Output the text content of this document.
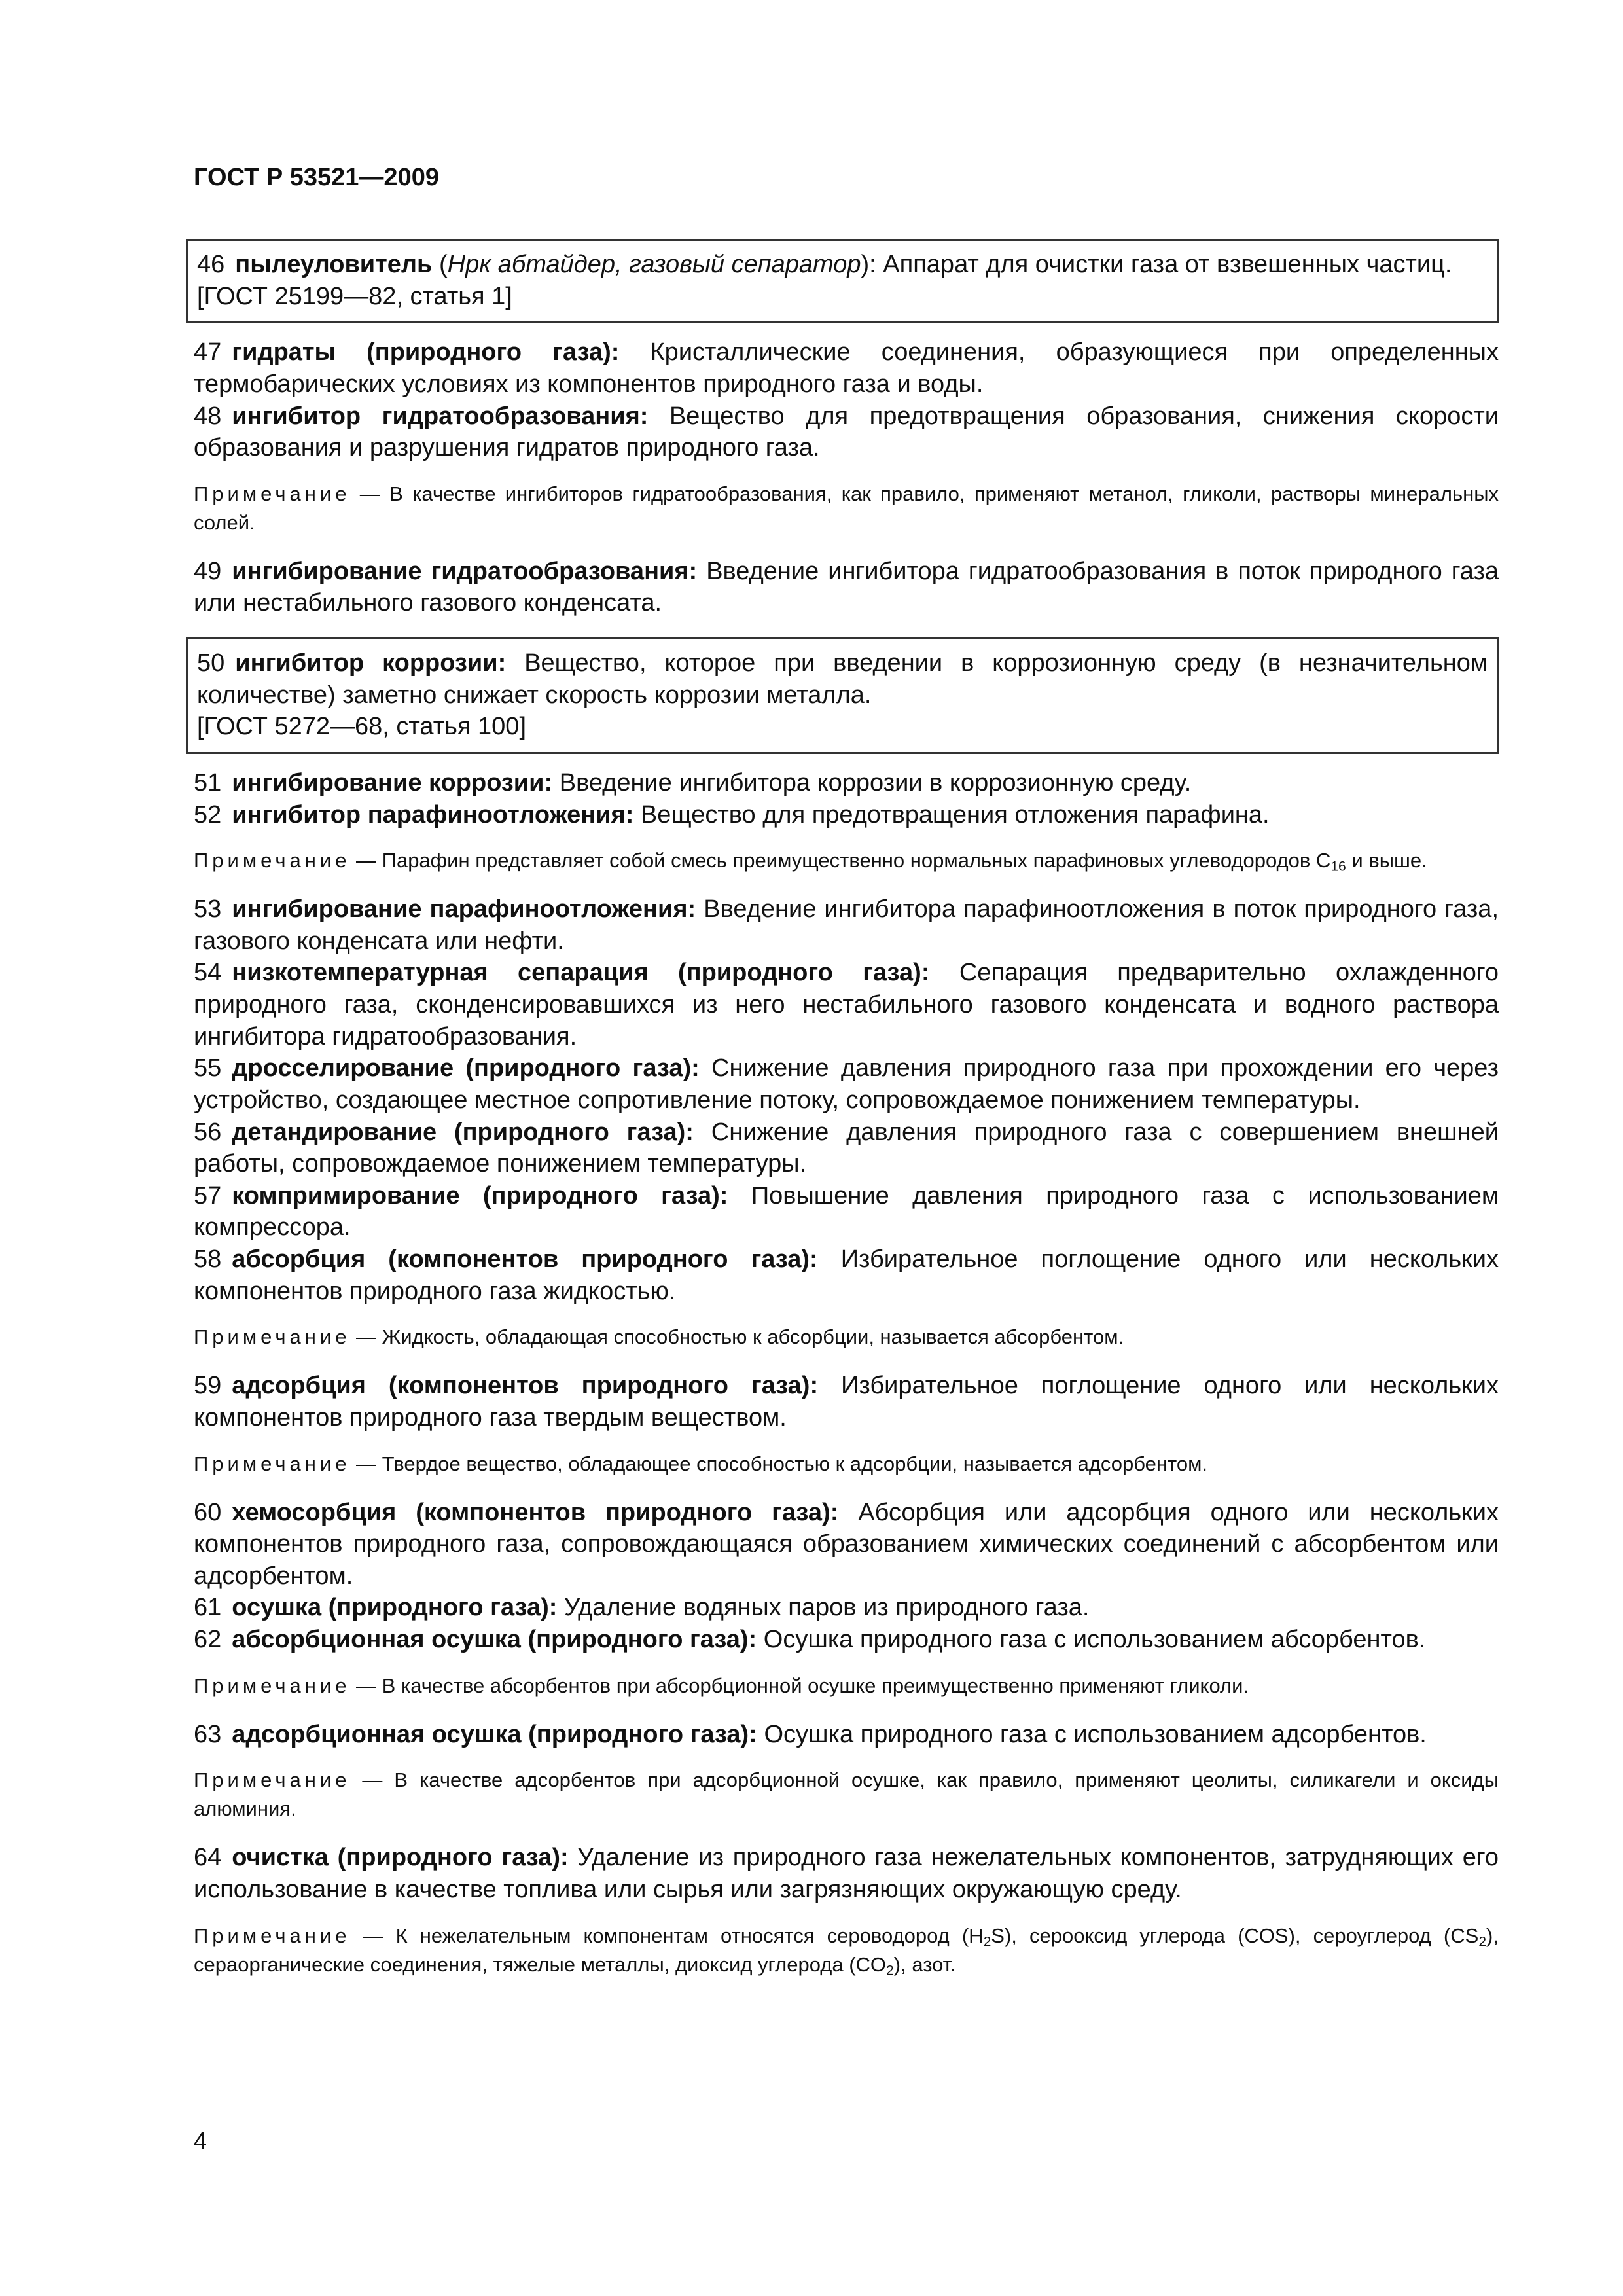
ГОСТ Р 53521—2009
46 пылеуловитель (Нрк абтайдер, газовый сепаратор): Аппарат для очистки газа от взвешенных частиц.
[ГОСТ 25199—82, статья 1]
47 гидраты (природного газа): Кристаллические соединения, образующиеся при определенных термобарических условиях из компонентов природного газа и воды.
48 ингибитор гидратообразования: Вещество для предотвращения образования, снижения скорости образования и разрушения гидратов природного газа.
Примечание — В качестве ингибиторов гидратообразования, как правило, применяют метанол, гликоли, растворы минеральных солей.
49 ингибирование гидратообразования: Введение ингибитора гидратообразования в поток природного газа или нестабильного газового конденсата.
50 ингибитор коррозии: Вещество, которое при введении в коррозионную среду (в незначительном количестве) заметно снижает скорость коррозии металла.
[ГОСТ 5272—68, статья 100]
51 ингибирование коррозии: Введение ингибитора коррозии в коррозионную среду.
52 ингибитор парафиноотложения: Вещество для предотвращения отложения парафина.
Примечание — Парафин представляет собой смесь преимущественно нормальных парафиновых углеводородов $С_{16}$ и выше.
53 ингибирование парафиноотложения: Введение ингибитора парафиноотложения в поток природного газа, газового конденсата или нефти.
54 низкотемпературная сепарация (природного газа): Сепарация предварительно охлажденного природного газа, сконденсировавшихся из него нестабильного газового конденсата и водного раствора ингибитора гидратообразования.
55 дросселирование (природного газа): Снижение давления природного газа при прохождении его через устройство, создающее местное сопротивление потоку, сопровождаемое понижением температуры.
56 детандирование (природного газа): Снижение давления природного газа с совершением внешней работы, сопровождаемое понижением температуры.
57 компримирование (природного газа): Повышение давления природного газа с использованием компрессора.
58 абсорбция (компонентов природного газа): Избирательное поглощение одного или нескольких компонентов природного газа жидкостью.
Примечание — Жидкость, обладающая способностью к абсорбции, называется абсорбентом.
59 адсорбция (компонентов природного газа): Избирательное поглощение одного или нескольких компонентов природного газа твердым веществом.
Примечание — Твердое вещество, обладающее способностью к адсорбции, называется адсорбентом.
60 хемосорбция (компонентов природного газа): Абсорбция или адсорбция одного или нескольких компонентов природного газа, сопровождающаяся образованием химических соединений с абсорбентом или адсорбентом.
61 осушка (природного газа): Удаление водяных паров из природного газа.
62 абсорбционная осушка (природного газа): Осушка природного газа с использованием абсорбентов.
Примечание — В качестве абсорбентов при абсорбционной осушке преимущественно применяют гликоли.
63 адсорбционная осушка (природного газа): Осушка природного газа с использованием адсорбентов.
Примечание — В качестве адсорбентов при адсорбционной осушке, как правило, применяют цеолиты, силикагели и оксиды алюминия.
64 очистка (природного газа): Удаление из природного газа нежелательных компонентов, затрудняющих его использование в качестве топлива или сырья или загрязняющих окружающую среду.
Примечание — К нежелательным компонентам относятся сероводород $(H_2S)$, серооксид углерода (COS), сероуглерод $(CS_2)$, сераорганические соединения, тяжелые металлы, диоксид углерода $(CO_2)$, азот.
4
